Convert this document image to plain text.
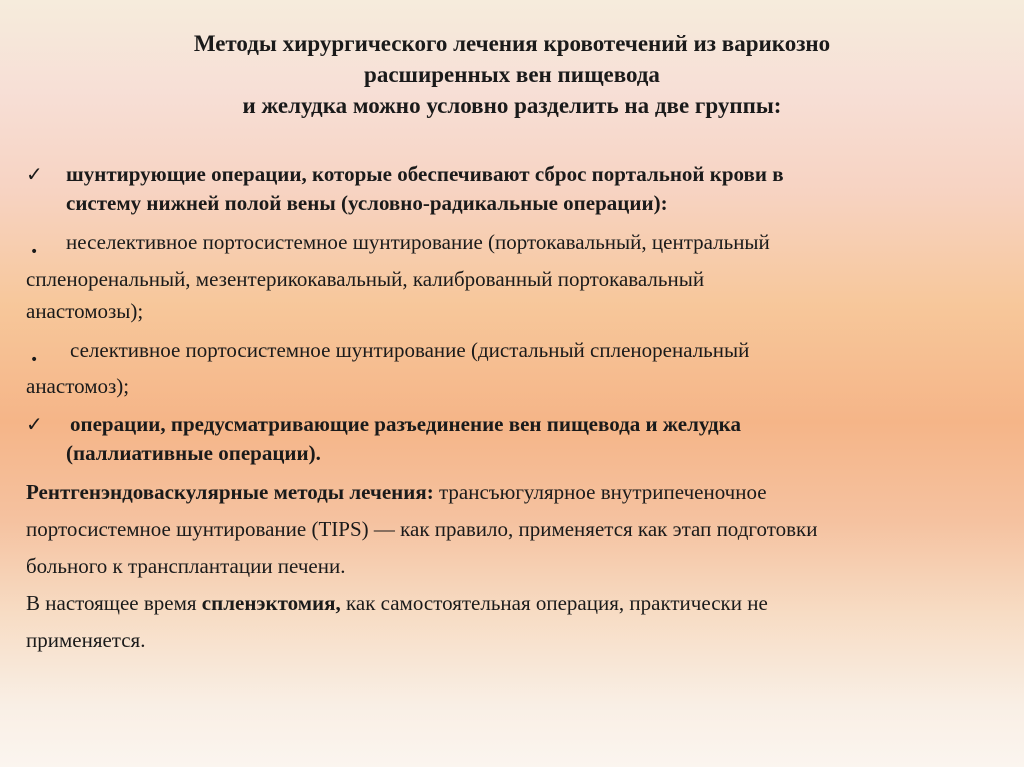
Методы хирургического лечения кровотечений из варикозно
расширенных вен пищевода
и желудка можно условно разделить на две группы:
✓	шунтирующие операции, которые обеспечивают сброс портальной крови в
систему нижней полой вены (условно-радикальные операции):
•	неселективное портосистемное шунтирование (портокавальный, центральный
спленоренальный, мезентерикокавальный, калиброванный портокавальный
анастомозы);
•	селективное портосистемное шунтирование (дистальный спленоренальный
анастомоз);
✓	операции, предусматривающие разъединение вен пищевода и желудка
(паллиативные операции).
Рентгенэндоваскулярные методы лечения: трансъюгулярное внутрипеченочное
портосистемное шунтирование (TIPS) — как правило, применяется как этап подготовки
больного к трансплантации печени.
В настоящее время спленэктомия, как самостоятельная операция, практически не
применяется.
